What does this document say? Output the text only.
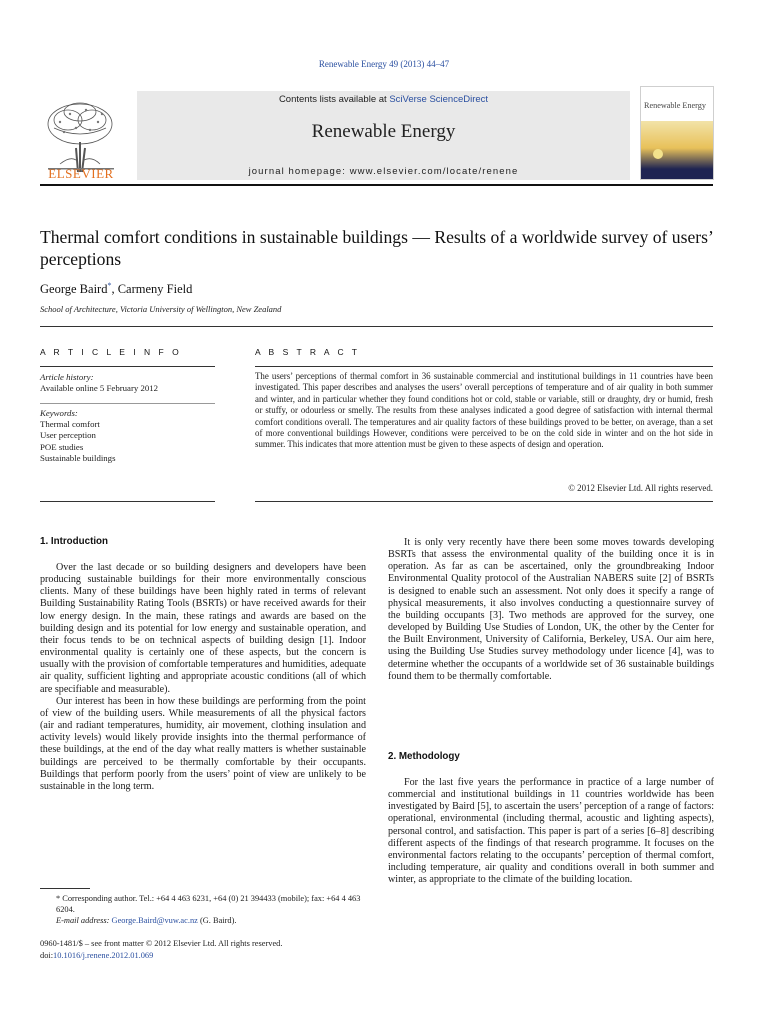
Renewable Energy 49 (2013) 44–47
ELSEVIER
Contents lists available at SciVerse ScienceDirect
Renewable Energy
journal homepage: www.elsevier.com/locate/renene
Renewable Energy
Thermal comfort conditions in sustainable buildings — Results of a worldwide survey of users’ perceptions
George Baird*, Carmeny Field
School of Architecture, Victoria University of Wellington, New Zealand
A R T I C L E I N F O
Article history:
Available online 5 February 2012
Keywords:
Thermal comfort
User perception
POE studies
Sustainable buildings
A B S T R A C T
The users’ perceptions of thermal comfort in 36 sustainable commercial and institutional buildings in 11 countries have been investigated. This paper describes and analyses the users’ overall perceptions of temperature and of air quality in both summer and winter, and in particular whether they found conditions hot or cold, stable or variable, still or draughty, dry or humid, fresh or stuffy, or odourless or smelly. The results from these analyses indicated a good degree of satisfaction with internal thermal comfort conditions overall. The temperatures and air quality factors of these buildings proved to be better, on average, than a set of more conventional buildings However, conditions were perceived to be on the cold side in winter and on the hot side in summer. This indicates that more attention must be given to these aspects of design and operation.
© 2012 Elsevier Ltd. All rights reserved.
1. Introduction

Over the last decade or so building designers and developers have been producing sustainable buildings for their more environmentally conscious clients. Many of these buildings have been highly rated in terms of relevant Building Sustainability Rating Tools (BSRTs) or have received awards for their low energy design. In the main, these ratings and awards are based on the building design and its potential for low energy and sustainable operation, and their focus tends to be on technical aspects of building design [1]. Indoor environmental quality is certainly one of these aspects, but the concern is usually with the provision of comfortable temperatures and humidities, adequate air quality, sufficient lighting and appropriate acoustic conditions (all of which are specifiable and measurable).

Our interest has been in how these buildings are performing from the point of view of the building users. While measurements of all the physical factors (air and radiant temperatures, humidity, air movement, clothing insulation and activity levels) would likely provide insights into the thermal performance of these buildings, at the end of the day what really matters is whether sustainable buildings are perceived to be thermally comfortable by their occupants. Buildings that perform poorly from the users’ point of view are unlikely to be sustainable in the long term.

It is only very recently have there been some moves towards developing BSRTs that assess the environmental quality of the building once it is in operation. As far as can be ascertained, only the groundbreaking Indoor Environmental Quality protocol of the Australian NABERS suite [2] of BSRTs is designed to enable such an assessment. Not only does it specify a range of physical measurements, it also involves conducting a questionnaire survey of the building occupants [3]. Two methods are approved for the survey, one developed by Building Use Studies of London, UK, the other by the Center for the Built Environment, University of California, Berkeley, USA. Our aim here, using the Building Use Studies survey methodology under licence [4], was to determine whether the occupants of a worldwide set of 36 sustainable buildings found them to be thermally comfortable.

2. Methodology

For the last five years the performance in practice of a large number of commercial and institutional buildings in 11 countries worldwide has been investigated by Baird [5], to ascertain the users’ perception of a range of factors: operational, environmental (including thermal, acoustic and lighting aspects), personal control, and satisfaction. This paper is part of a series [6–8] describing different aspects of the findings of that research programme. It focuses on the environmental factors relating to the occupants’ perception of thermal comfort, including temperature, air quality and conditions overall in both summer and winter, as appropriate to the climate of the building location.

* Corresponding author. Tel.: +64 4 463 6231, +64 (0) 21 394433 (mobile); fax: +64 4 463 6204.
E-mail address: George.Baird@vuw.ac.nz (G. Baird).
0960-1481/$ – see front matter © 2012 Elsevier Ltd. All rights reserved.
doi:10.1016/j.renene.2012.01.069
